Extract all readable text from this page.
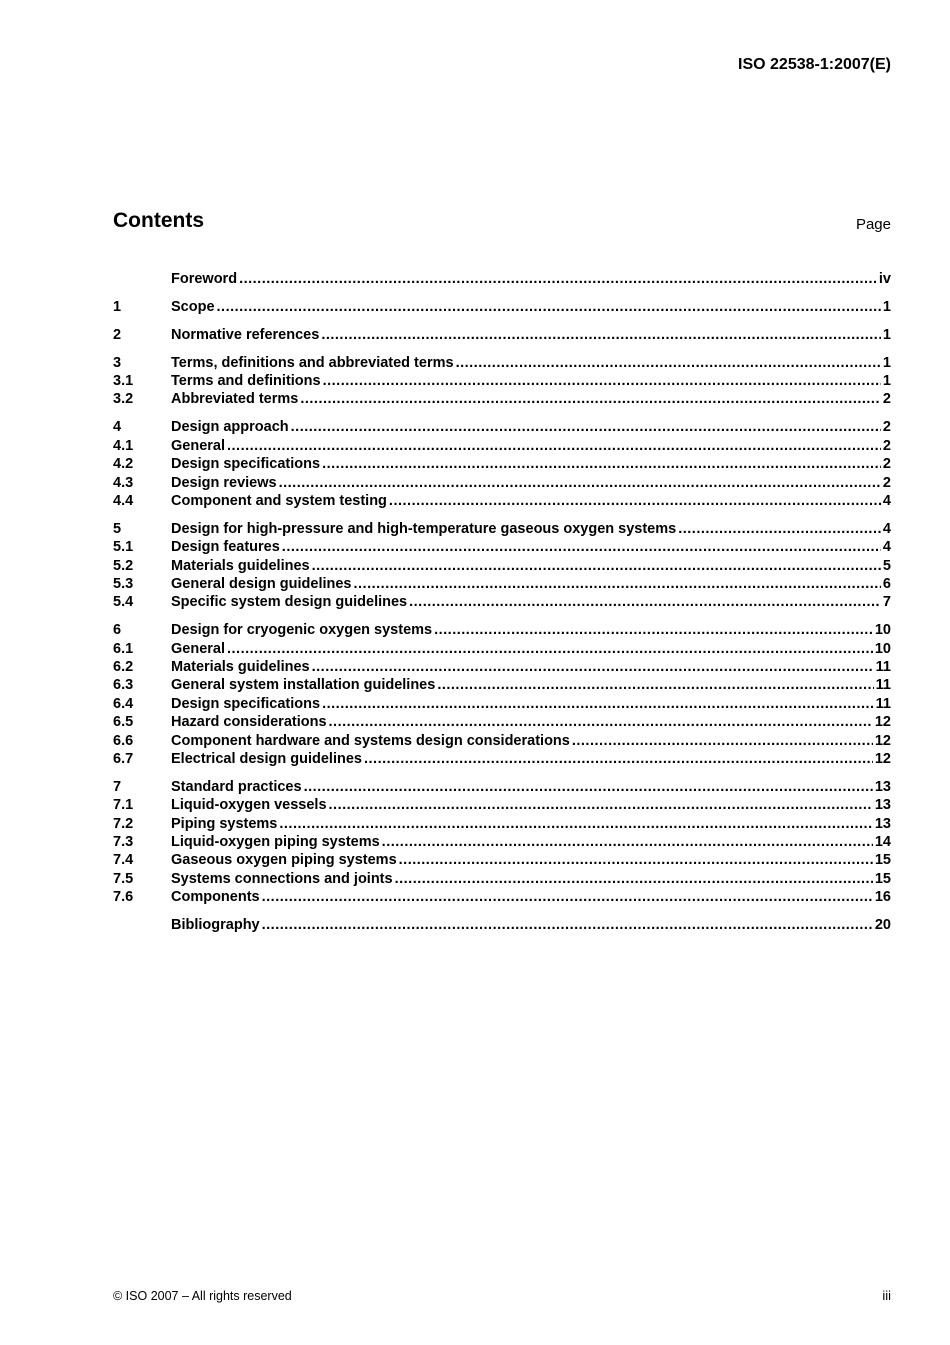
ISO 22538-1:2007(E)
Contents	Page
Foreword .....	iv
1	Scope .....	1
2	Normative references .....	1
3	Terms, definitions and abbreviated terms .....	1
3.1	Terms and definitions .....	1
3.2	Abbreviated terms .....	2
4	Design approach .....	2
4.1	General .....	2
4.2	Design specifications .....	2
4.3	Design reviews .....	2
4.4	Component and system testing .....	4
5	Design for high-pressure and high-temperature gaseous oxygen systems .....	4
5.1	Design features .....	4
5.2	Materials guidelines .....	5
5.3	General design guidelines .....	6
5.4	Specific system design guidelines .....	7
6	Design for cryogenic oxygen systems .....	10
6.1	General .....	10
6.2	Materials guidelines .....	11
6.3	General system installation guidelines .....	11
6.4	Design specifications .....	11
6.5	Hazard considerations .....	12
6.6	Component hardware and systems design considerations .....	12
6.7	Electrical design guidelines .....	12
7	Standard practices .....	13
7.1	Liquid-oxygen vessels .....	13
7.2	Piping systems .....	13
7.3	Liquid-oxygen piping systems .....	14
7.4	Gaseous oxygen piping systems .....	15
7.5	Systems connections and joints .....	15
7.6	Components .....	16
Bibliography .....	20
© ISO 2007 – All rights reserved	iii
